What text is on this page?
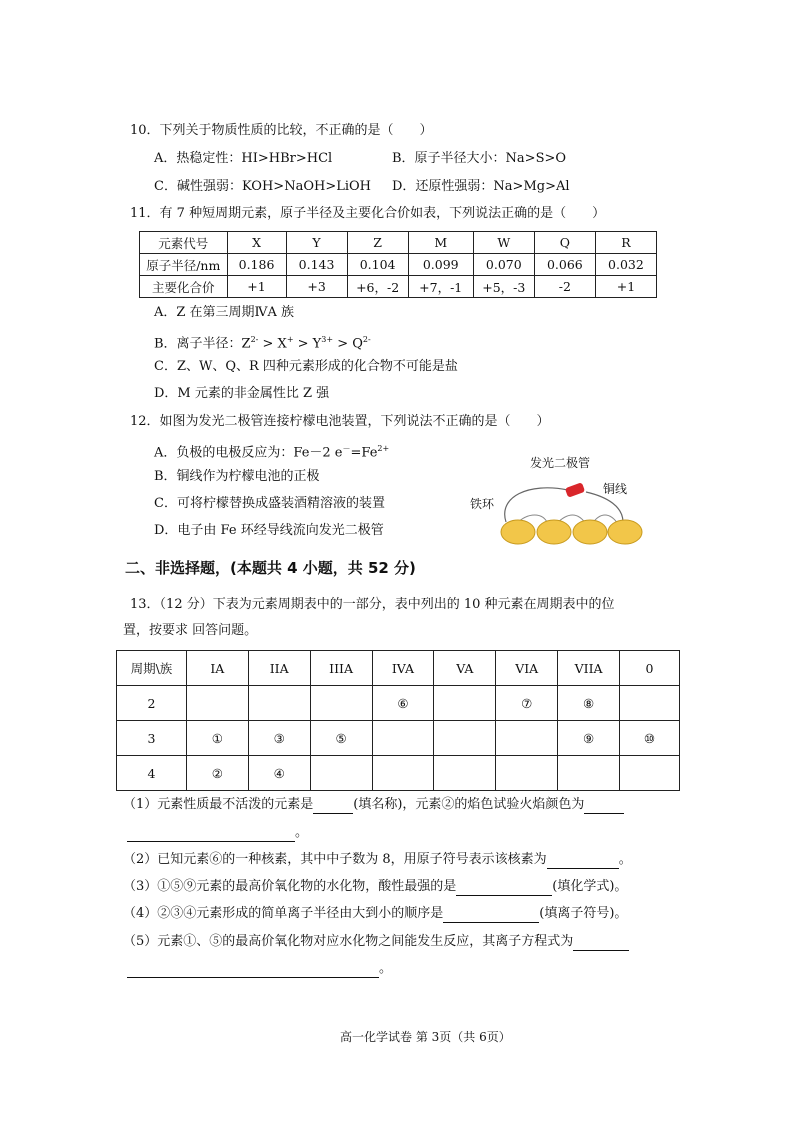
10．下列关于物质性质的比较，不正确的是（　　）
A．热稳定性：HI>HBr>HCl	B．原子半径大小：Na>S>O
C．碱性强弱：KOH>NaOH>LiOH D．还原性强弱：Na>Mg>Al
11．有 7 种短周期元素，原子半径及主要化合价如表，下列说法正确的是（　　）
元素代号	X	Y	Z	M	W	Q	R
原子半径/nm	0.186	0.143	0.104	0.099	0.070	0.066	0.032
主要化合价	+1	+3	+6，-2	+7，-1	+5，-3	-2	+1
A．Z 在第三周期ⅣA 族
B．离子半径：$Z^{2-} > X^+ > Y^{3+} > Q^{2-}$
C．Z、W、Q、R 四种元素形成的化合物不可能是盐
D．M 元素的非金属性比 Z 强
12．如图为发光二极管连接柠檬电池装置，下列说法不正确的是（　　）
A．负极的电极反应为：Fe－2 $e^-=Fe^{2+}$
B．铜线作为柠檬电池的正极
C．可将柠檬替换成盛装酒精溶液的装置
D．电子由 Fe 环经导线流向发光二极管
发光二极管
铜线
铁环
二、非选择题，(本题共 4 小题，共 52 分)
13．（12 分）下表为元素周期表中的一部分，表中列出的 10 种元素在周期表中的位
置，按要求 回答问题。
周期\族	IA	IIA	IIIA	IVA	VA	VIA	VIIA	0
2				⑥		⑦	⑧	
3	①	③	⑤				⑨	⑩
4	②	④						
（1）元素性质最不活泼的元素是	(填名称)，元素②的焰色试验火焰颜色为
。
（2）已知元素⑥的一种核素，其中中子数为 8，用原子符号表示该核素为	。
（3）①⑤⑨元素的最高价氧化物的水化物，酸性最强的是	(填化学式)。
（4）②③④元素形成的简单离子半径由大到小的顺序是	(填离子符号)。
（5）元素①、⑤的最高价氧化物对应水化物之间能发生反应，其离子方程式为
。
高一化学试卷 第 3页（共 6页）
